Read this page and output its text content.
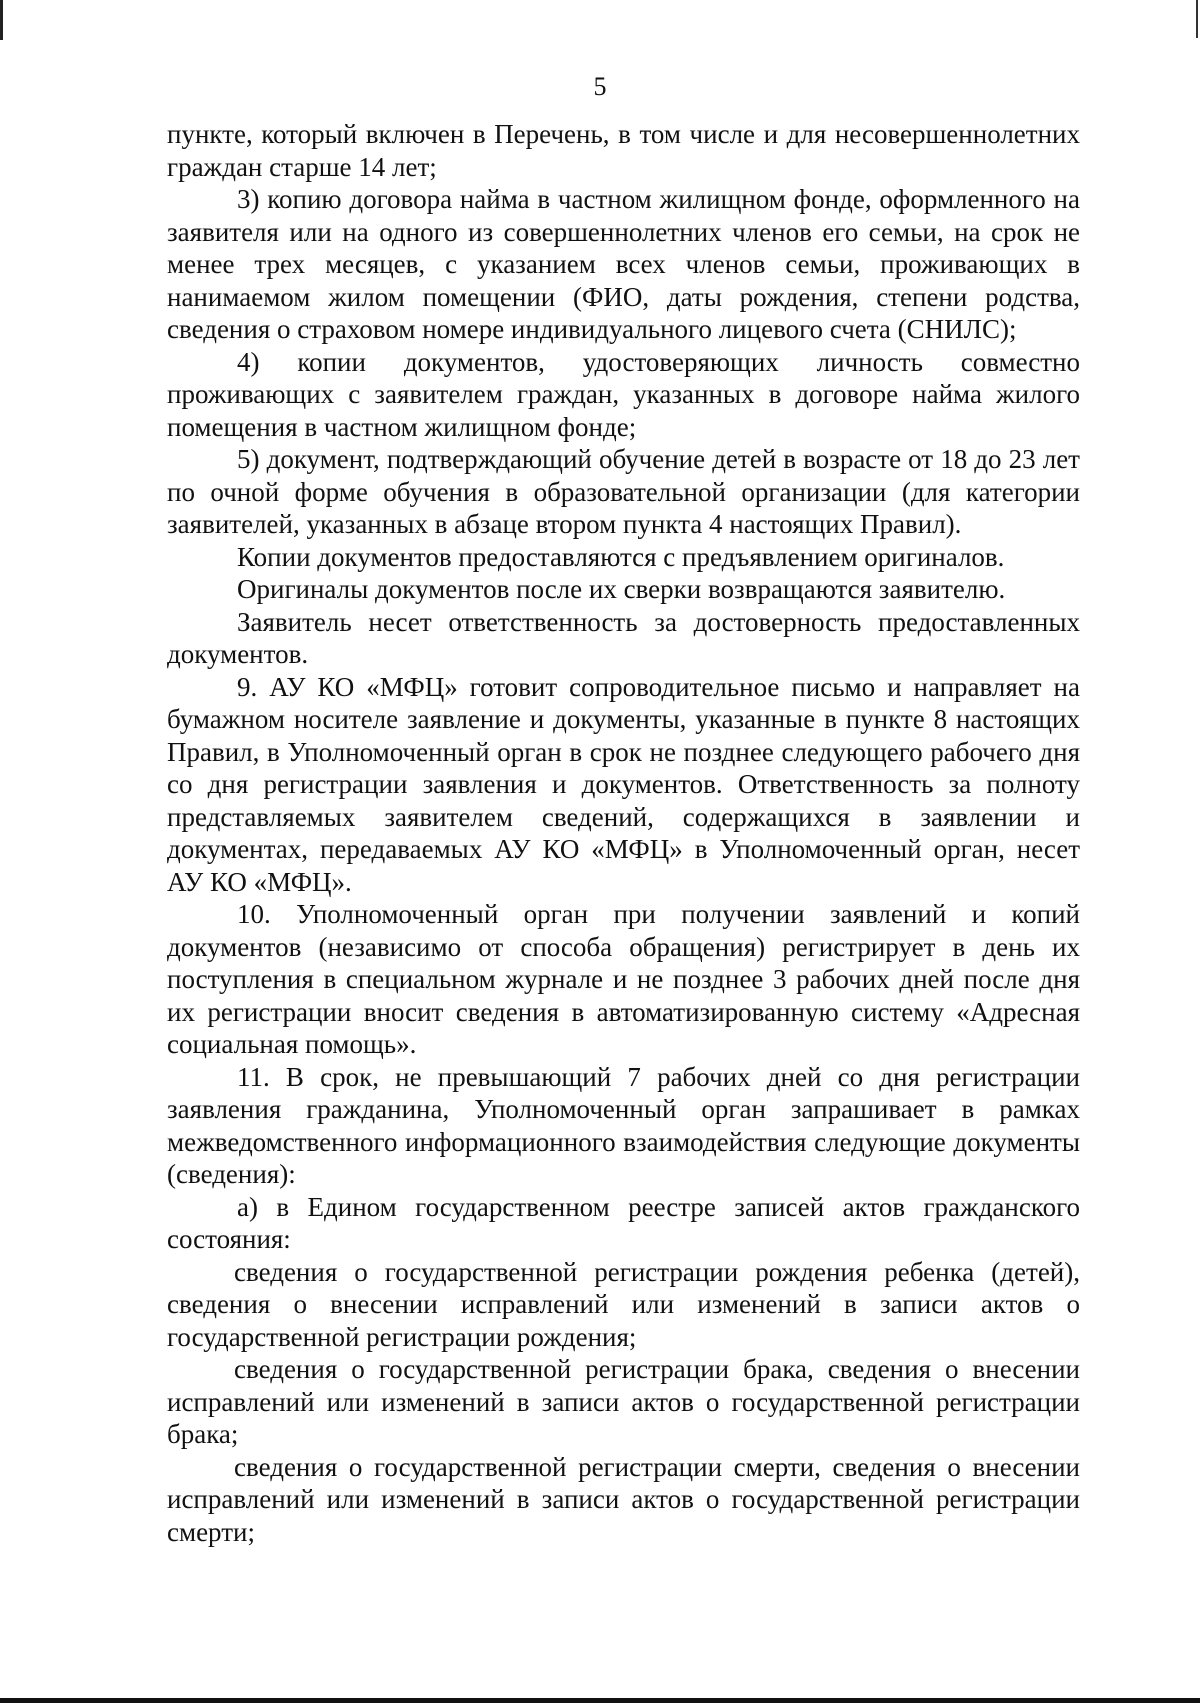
5

пункте, который включен в Перечень, в том числе и для несовершеннолетних граждан старше 14 лет;

3) копию договора найма в частном жилищном фонде, оформленного на заявителя или на одного из совершеннолетних членов его семьи, на срок не менее трех месяцев, с указанием всех членов семьи, проживающих в нанимаемом жилом помещении (ФИО, даты рождения, степени родства, сведения о страховом номере индивидуального лицевого счета (СНИЛС);

4) копии документов, удостоверяющих личность совместно проживающих с заявителем граждан, указанных в договоре найма жилого помещения в частном жилищном фонде;

5) документ, подтверждающий обучение детей в возрасте от 18 до 23 лет по очной форме обучения в образовательной организации (для категории заявителей, указанных в абзаце втором пункта 4 настоящих Правил).

Копии документов предоставляются с предъявлением оригиналов.

Оригиналы документов после их сверки возвращаются заявителю.

Заявитель несет ответственность за достоверность предоставленных документов.

9. АУ КО «МФЦ» готовит сопроводительное письмо и направляет на бумажном носителе заявление и документы, указанные в пункте 8 настоящих Правил, в Уполномоченный орган в срок не позднее следующего рабочего дня со дня регистрации заявления и документов. Ответственность за полноту представляемых заявителем сведений, содержащихся в заявлении и документах, передаваемых АУ КО «МФЦ» в Уполномоченный орган, несет АУ КО «МФЦ».

10. Уполномоченный орган при получении заявлений и копий документов (независимо от способа обращения) регистрирует в день их поступления в специальном журнале и не позднее 3 рабочих дней после дня их регистрации вносит сведения в автоматизированную систему «Адресная социальная помощь».

11. В срок, не превышающий 7 рабочих дней со дня регистрации заявления гражданина, Уполномоченный орган запрашивает в рамках межведомственного информационного взаимодействия следующие документы (сведения):

а) в Едином государственном реестре записей актов гражданского состояния:

сведения о государственной регистрации рождения ребенка (детей), сведения о внесении исправлений или изменений в записи актов о государственной регистрации рождения;

сведения о государственной регистрации брака, сведения о внесении исправлений или изменений в записи актов о государственной регистрации брака;

сведения о государственной регистрации смерти, сведения о внесении исправлений или изменений в записи актов о государственной регистрации смерти;
